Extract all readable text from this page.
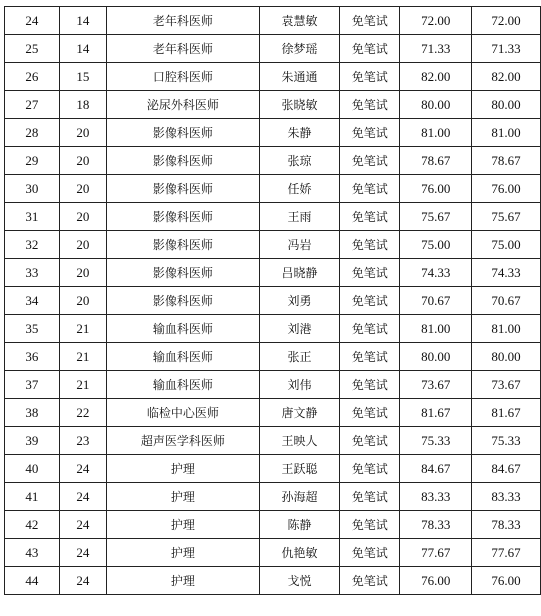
24	14	老年科医师	袁慧敏	免笔试	72.00	72.00
25	14	老年科医师	徐梦瑶	免笔试	71.33	71.33
26	15	口腔科医师	朱通通	免笔试	82.00	82.00
27	18	泌尿外科医师	张晓敏	免笔试	80.00	80.00
28	20	影像科医师	朱静	免笔试	81.00	81.00
29	20	影像科医师	张琼	免笔试	78.67	78.67
30	20	影像科医师	任娇	免笔试	76.00	76.00
31	20	影像科医师	王雨	免笔试	75.67	75.67
32	20	影像科医师	冯岩	免笔试	75.00	75.00
33	20	影像科医师	吕晓静	免笔试	74.33	74.33
34	20	影像科医师	刘勇	免笔试	70.67	70.67
35	21	输血科医师	刘港	免笔试	81.00	81.00
36	21	输血科医师	张正	免笔试	80.00	80.00
37	21	输血科医师	刘伟	免笔试	73.67	73.67
38	22	临检中心医师	唐文静	免笔试	81.67	81.67
39	23	超声医学科医师	王映人	免笔试	75.33	75.33
40	24	护理	王跃聪	免笔试	84.67	84.67
41	24	护理	孙海超	免笔试	83.33	83.33
42	24	护理	陈静	免笔试	78.33	78.33
43	24	护理	仇艳敏	免笔试	77.67	77.67
44	24	护理	戈悦	免笔试	76.00	76.00
